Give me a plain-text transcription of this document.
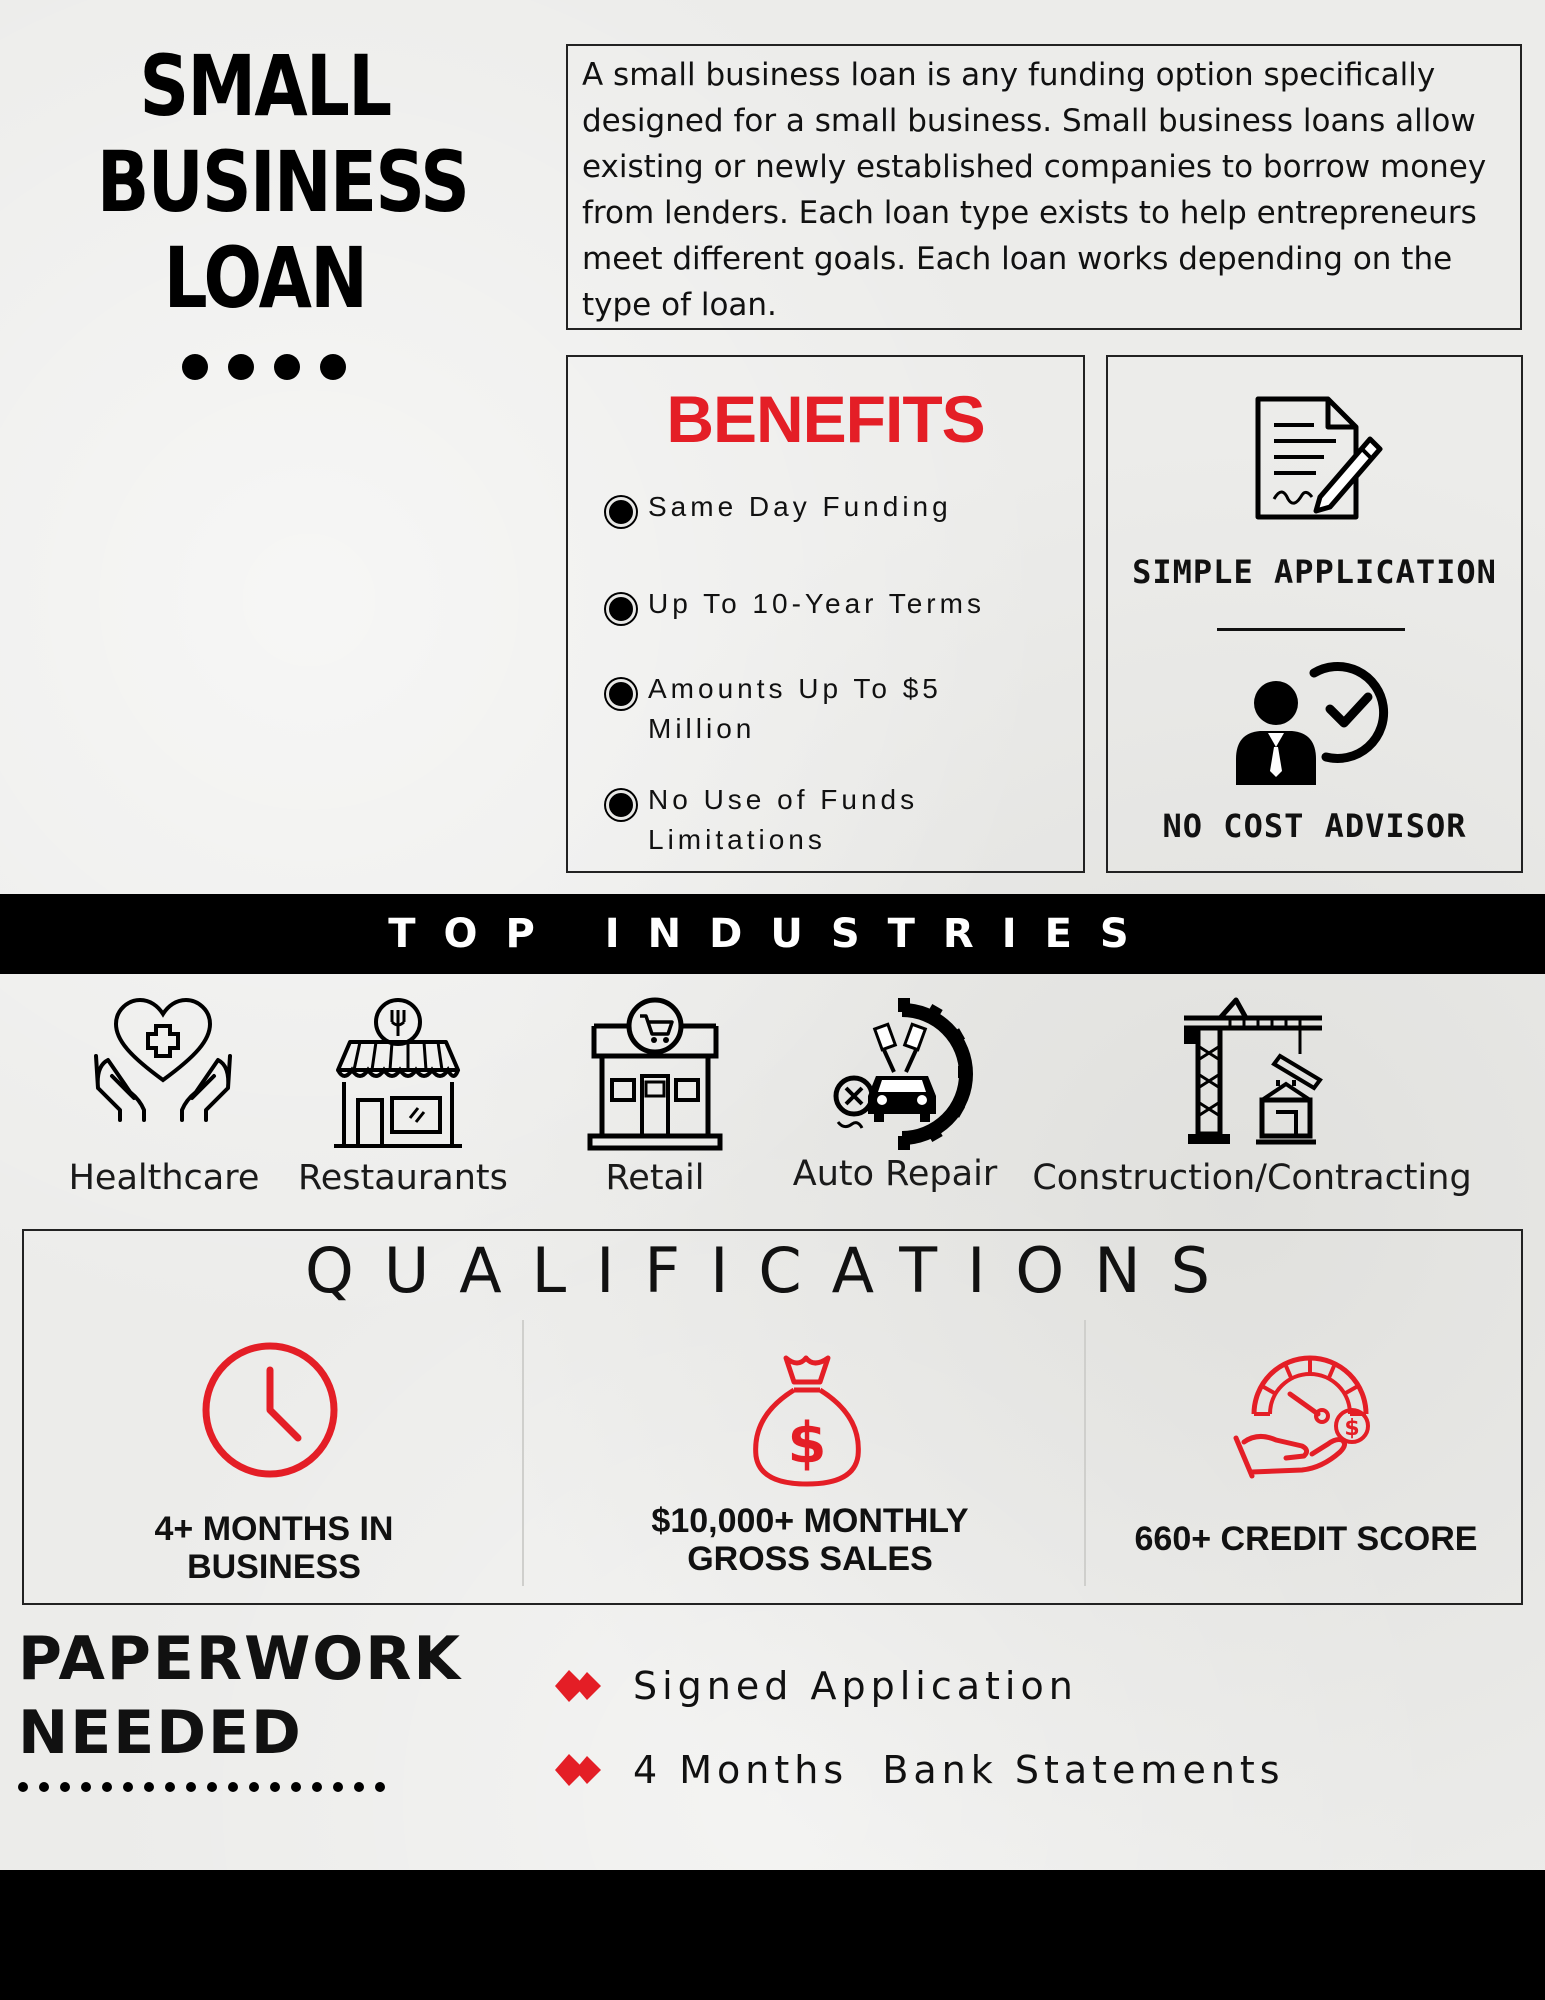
SMALL
BUSINESS
LOAN
A small business loan is any funding option specifically designed for a small business. Small business loans allow existing or newly established companies to borrow money from lenders. Each loan type exists to help entrepreneurs meet different goals. Each loan works depending on the type of loan.
BENEFITS
Same Day Funding
Up To 10-Year Terms
Amounts Up To $5 Million
No Use of Funds Limitations
SIMPLE APPLICATION
NO COST ADVISOR
TOP INDUSTRIES
Healthcare Restaurants	Retail	Auto Repair Construction/Contracting
QUALIFICATIONS
4+ MONTHS IN
BUSINESS
$
$10,000+ MONTHLY
GROSS SALES
$
660+ CREDIT SCORE
PAPERWORK
NEEDED
Signed Application
4 Months  Bank Statements
